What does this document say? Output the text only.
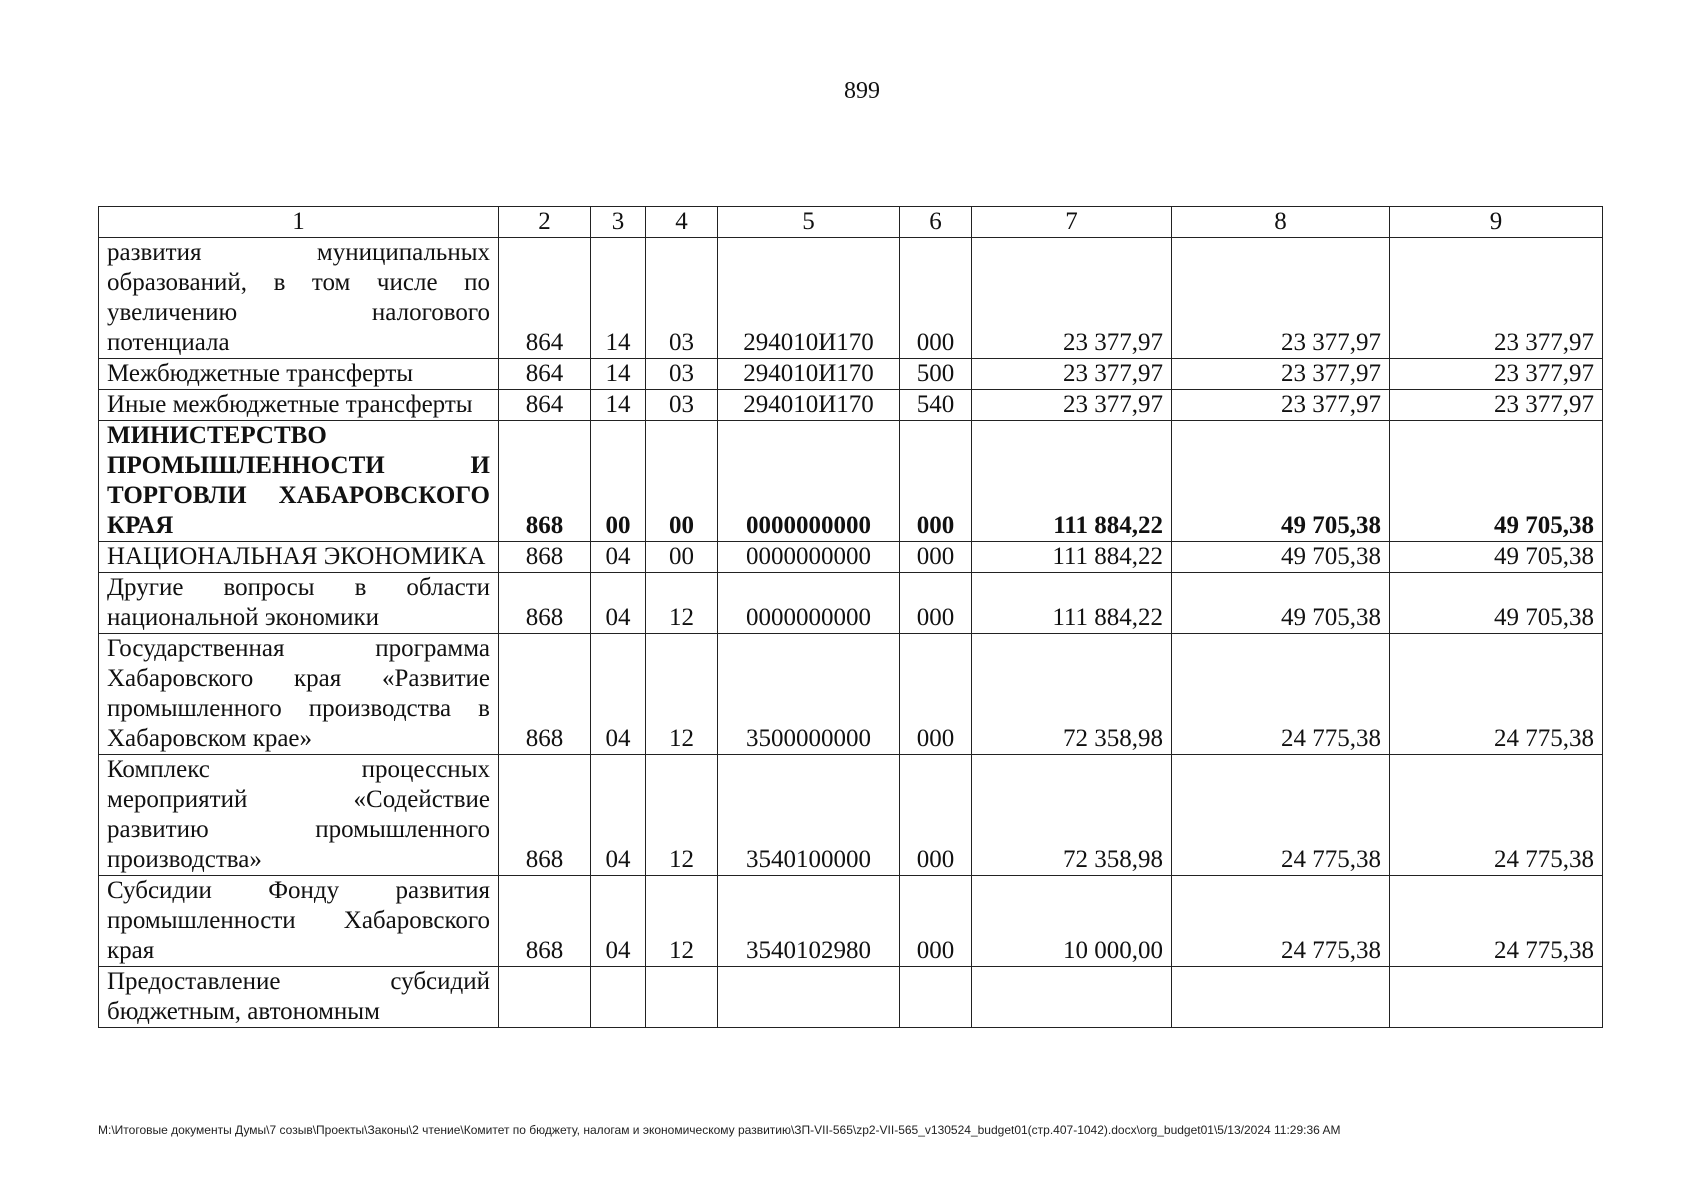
899
1	2	3	4	5	6	7	8	9
развития муниципальных образований, в том числе по увеличению налогового потенциала	864	14	03	294010И170	000	23 377,97	23 377,97	23 377,97
Межбюджетные трансферты	864	14	03	294010И170	500	23 377,97	23 377,97	23 377,97
Иные межбюджетные трансферты	864	14	03	294010И170	540	23 377,97	23 377,97	23 377,97
МИНИСТЕРСТВО ПРОМЫШЛЕННОСТИ И ТОРГОВЛИ ХАБАРОВСКОГО КРАЯ	868	00	00	0000000000	000	111 884,22	49 705,38	49 705,38
НАЦИОНАЛЬНАЯ ЭКОНОМИКА	868	04	00	0000000000	000	111 884,22	49 705,38	49 705,38
Другие вопросы в области национальной экономики	868	04	12	0000000000	000	111 884,22	49 705,38	49 705,38
Государственная программа Хабаровского края «Развитие промышленного производства в Хабаровском крае»	868	04	12	3500000000	000	72 358,98	24 775,38	24 775,38
Комплекс процессных мероприятий «Содействие развитию промышленного производства»	868	04	12	3540100000	000	72 358,98	24 775,38	24 775,38
Субсидии Фонду развития промышленности Хабаровского края	868	04	12	3540102980	000	10 000,00	24 775,38	24 775,38
Предоставление субсидий бюджетным, автономным								
M:\Итоговые документы Думы\7 созыв\Проекты\Законы\2 чтение\Комитет по бюджету, налогам и экономическому развитию\ЗП-VII-565\zp2-VII-565_v130524_budget01(стр.407-1042).docx\org_budget01\5/13/2024 11:29:36 AM
